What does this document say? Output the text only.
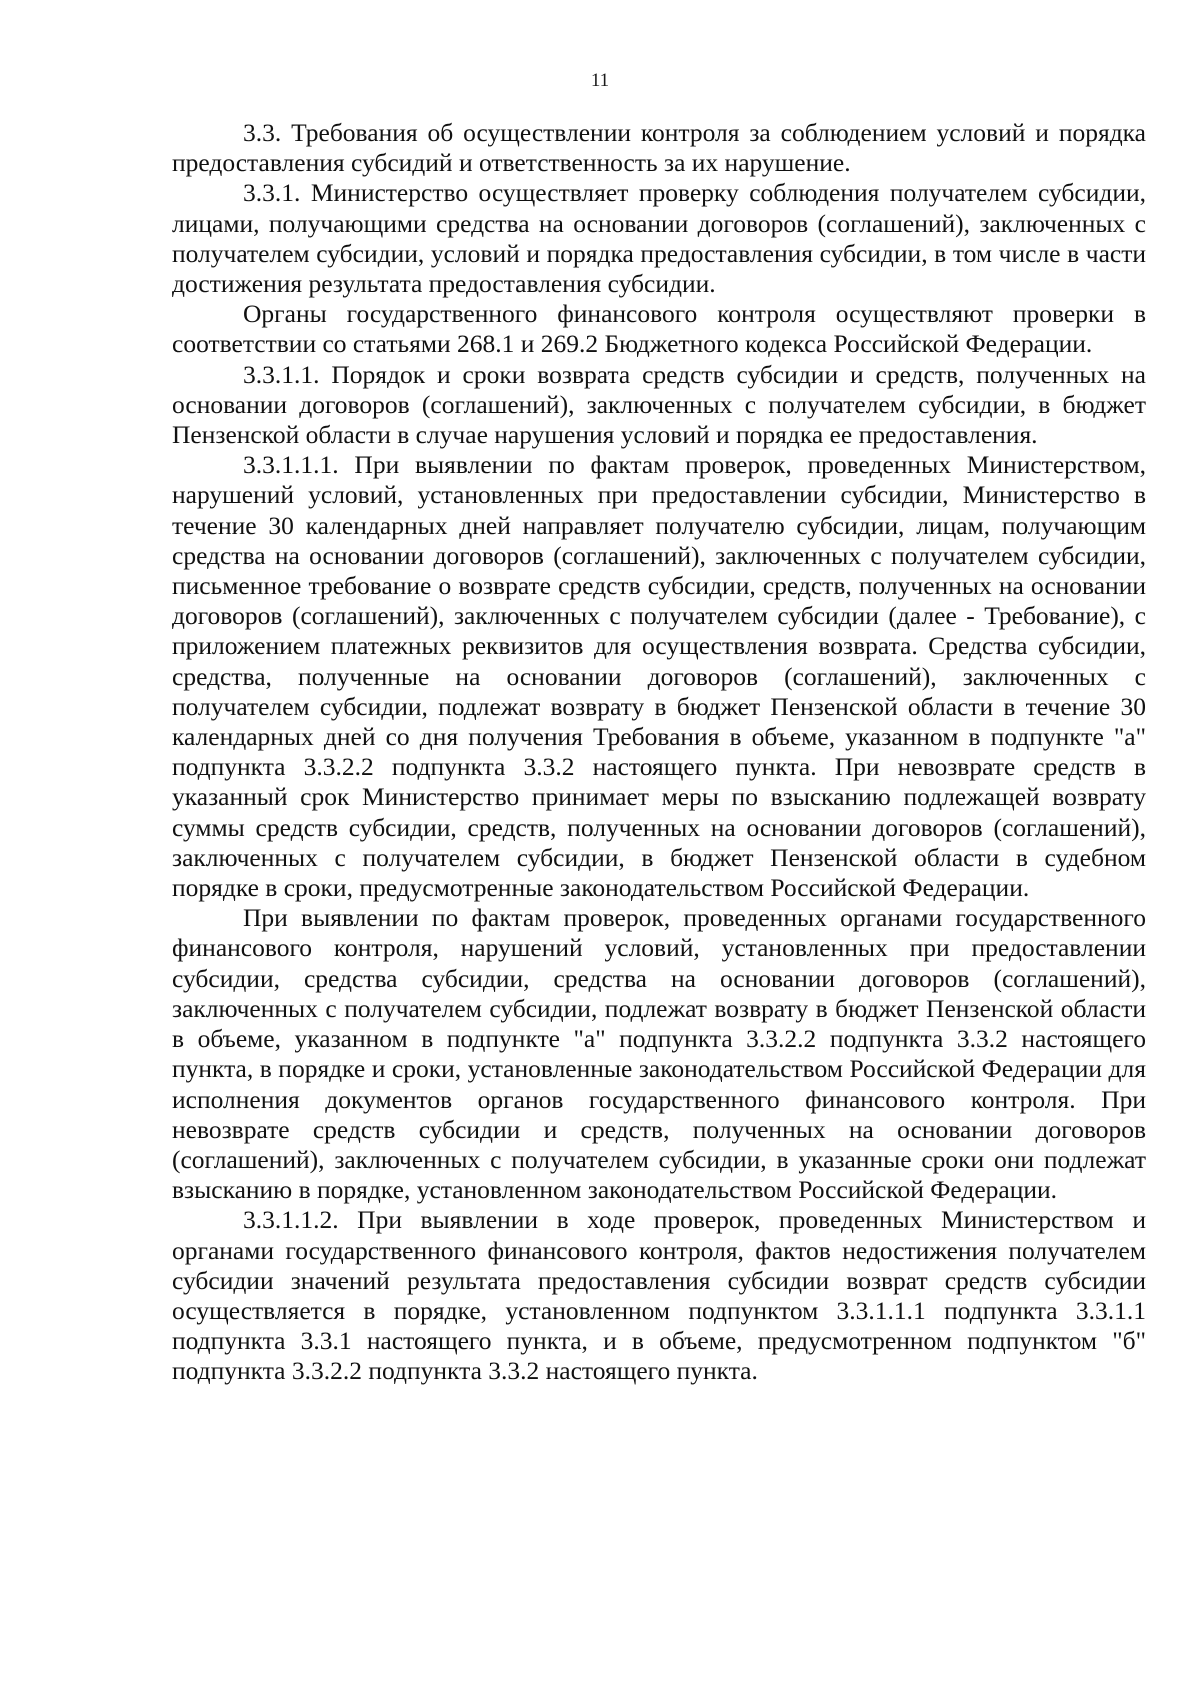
11

3.3. Требования об осуществлении контроля за соблюдением условий и порядка предоставления субсидий и ответственность за их нарушение.

3.3.1. Министерство осуществляет проверку соблюдения получателем субсидии, лицами, получающими средства на основании договоров (соглашений), заключенных с получателем субсидии, условий и порядка предоставления субсидии, в том числе в части достижения результата предоставления субсидии.

Органы государственного финансового контроля осуществляют проверки в соответствии со статьями 268.1 и 269.2 Бюджетного кодекса Российской Федерации.

3.3.1.1. Порядок и сроки возврата средств субсидии и средств, полученных на основании договоров (соглашений), заключенных с получателем субсидии, в бюджет Пензенской области в случае нарушения условий и порядка ее предоставления.

3.3.1.1.1. При выявлении по фактам проверок, проведенных Министерством, нарушений условий, установленных при предоставлении субсидии, Министерство в течение 30 календарных дней направляет получателю субсидии, лицам, получающим средства на основании договоров (соглашений), заключенных с получателем субсидии, письменное требование о возврате средств субсидии, средств, полученных на основании договоров (соглашений), заключенных с получателем субсидии (далее - Требование), с приложением платежных реквизитов для осуществления возврата. Средства субсидии, средства, полученные на основании договоров (соглашений), заключенных с получателем субсидии, подлежат возврату в бюджет Пензенской области в течение 30 календарных дней со дня получения Требования в объеме, указанном в подпункте "а" подпункта 3.3.2.2 подпункта 3.3.2 настоящего пункта. При невозврате средств в указанный срок Министерство принимает меры по взысканию подлежащей возврату суммы средств субсидии, средств, полученных на основании договоров (соглашений), заключенных с получателем субсидии, в бюджет Пензенской области в судебном порядке в сроки, предусмотренные законодательством Российской Федерации.

При выявлении по фактам проверок, проведенных органами государственного финансового контроля, нарушений условий, установленных при предоставлении субсидии, средства субсидии, средства на основании договоров (соглашений), заключенных с получателем субсидии, подлежат возврату в бюджет Пензенской области в объеме, указанном в подпункте "а" подпункта 3.3.2.2 подпункта 3.3.2 настоящего пункта, в порядке и сроки, установленные законодательством Российской Федерации для исполнения документов органов государственного финансового контроля. При невозврате средств субсидии и средств, полученных на основании договоров (соглашений), заключенных с получателем субсидии, в указанные сроки они подлежат взысканию в порядке, установленном законодательством Российской Федерации.

3.3.1.1.2. При выявлении в ходе проверок, проведенных Министерством и органами государственного финансового контроля, фактов недостижения получателем субсидии значений результата предоставления субсидии возврат средств субсидии осуществляется в порядке, установленном подпунктом 3.3.1.1.1 подпункта 3.3.1.1 подпункта 3.3.1 настоящего пункта, и в объеме, предусмотренном подпунктом "б" подпункта 3.3.2.2 подпункта 3.3.2 настоящего пункта.
